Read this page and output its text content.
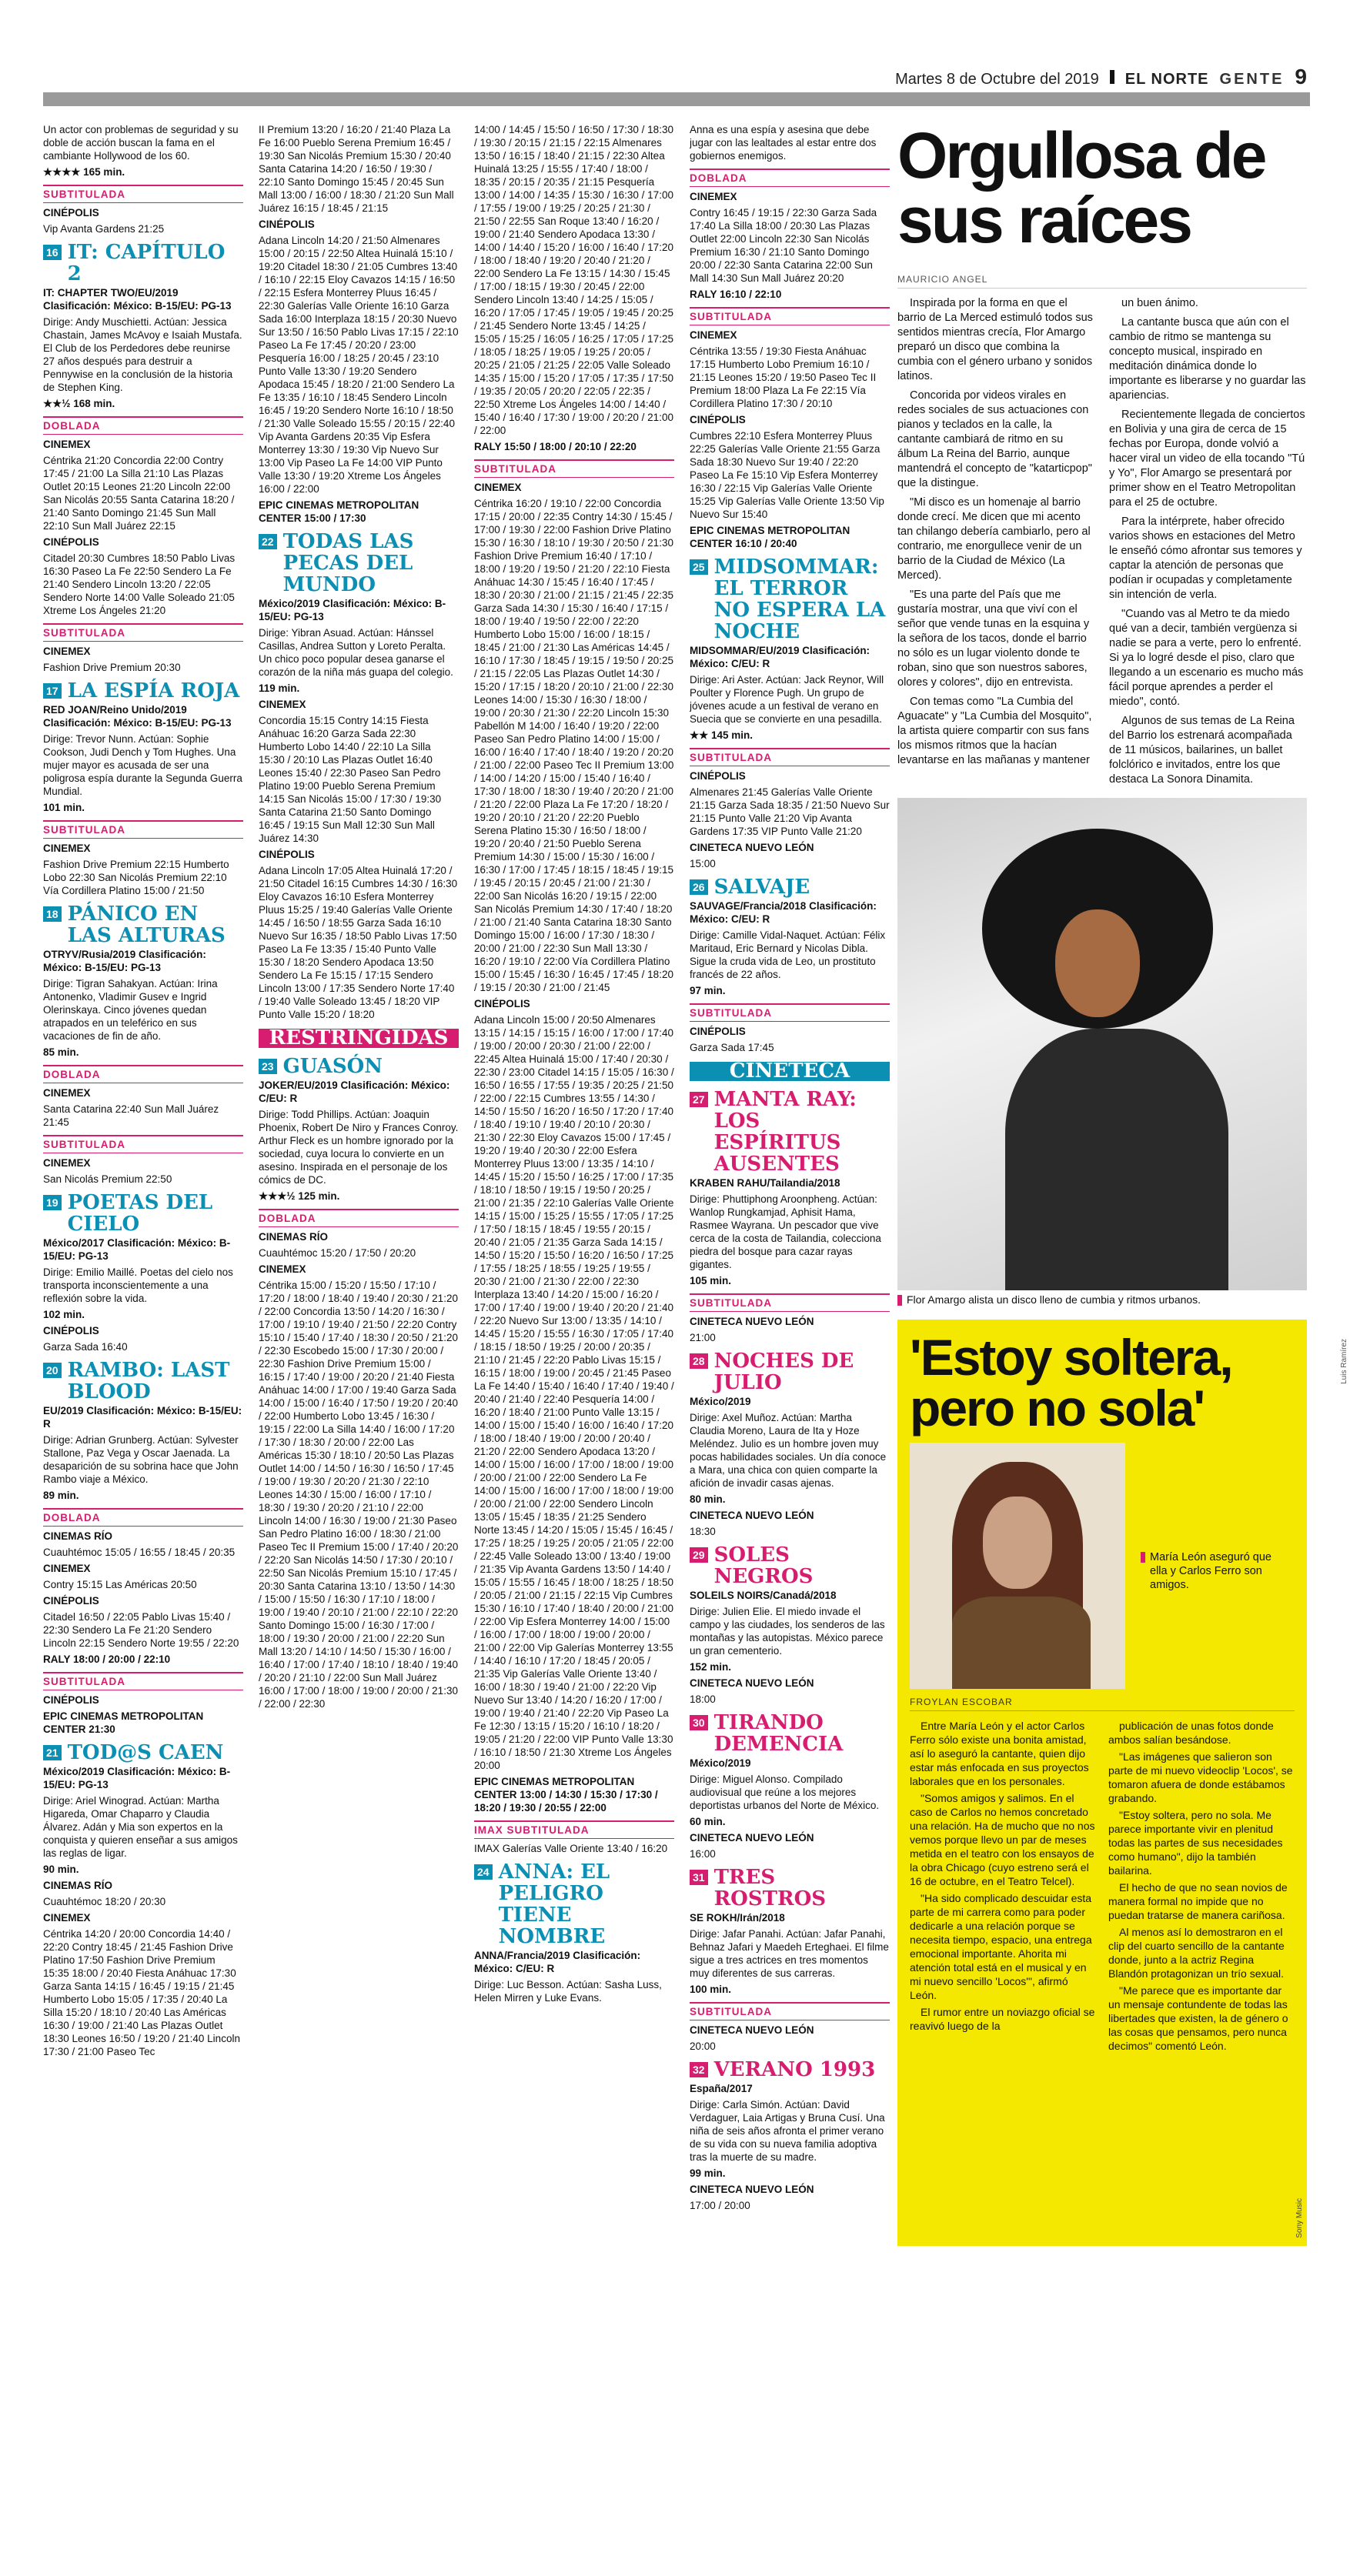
Martes 8 de Octubre del 2019 EL NORTE GENTE 9

Un actor con problemas de seguridad y su doble de acción buscan la fama en el cambiante Hollywood de los 60.

★★★★ 165 min.

SUBTITULADA

CINÉPOLIS

Vip Avanta Gardens 21:25

16 IT: CAPÍTULO 2

IT: CHAPTER TWO/EU/2019 Clasificación: México: B-15/EU: PG-13

Dirige: Andy Muschietti. Actúan: Jessica Chastain, James McAvoy e Isaiah Mustafa. El Club de los Perdedores debe reunirse 27 años después para destruir a Pennywise en la conclusión de la historia de Stephen King.

★★½ 168 min.

DOBLADA

CINEMEX

Céntrika 21:20 Concordia 22:00 Contry 17:45 / 21:00 La Silla 21:10 Las Plazas Outlet 20:15 Leones 21:20 Lincoln 22:00 San Nicolás 20:55 Santa Catarina 18:20 / 21:40 Santo Domingo 21:45 Sun Mall 22:10 Sun Mall Juárez 22:15

CINÉPOLIS

Citadel 20:30 Cumbres 18:50 Pablo Livas 16:30 Paseo La Fe 22:50 Sendero La Fe 21:40 Sendero Lincoln 13:20 / 22:05 Sendero Norte 14:00 Valle Soleado 21:05 Xtreme Los Ángeles 21:20

SUBTITULADA

CINEMEX

Fashion Drive Premium 20:30

17 LA ESPÍA ROJA

RED JOAN/Reino Unido/2019 Clasificación: México: B-15/EU: PG-13

Dirige: Trevor Nunn. Actúan: Sophie Cookson, Judi Dench y Tom Hughes. Una mujer mayor es acusada de ser una poligrosa espía durante la Segunda Guerra Mundial.

101 min.

SUBTITULADA

CINEMEX

Fashion Drive Premium 22:15 Humberto Lobo 22:30 San Nicolás Premium 22:10 Vía Cordillera Platino 15:00 / 21:50

18 PÁNICO EN LAS ALTURAS

OTRYV/Rusia/2019 Clasificación: México: B-15/EU: PG-13

Dirige: Tigran Sahakyan. Actúan: Irina Antonenko, Vladimir Gusev e Ingrid Olerinskaya. Cinco jóvenes quedan atrapados en un teleférico en sus vacaciones de fin de año.

85 min.

DOBLADA

CINEMEX

Santa Catarina 22:40 Sun Mall Juárez 21:45

SUBTITULADA

CINEMEX

San Nicolás Premium 22:50

19 POETAS DEL CIELO

México/2017 Clasificación: México: B-15/EU: PG-13

Dirige: Emilio Maillé. Poetas del cielo nos transporta inconscientemente a una reflexión sobre la vida.

102 min.

CINÉPOLIS

Garza Sada 16:40

20 RAMBO: LAST BLOOD

EU/2019 Clasificación: México: B-15/EU: R

Dirige: Adrian Grunberg. Actúan: Sylvester Stallone, Paz Vega y Oscar Jaenada. La desaparición de su sobrina hace que John Rambo viaje a México.

89 min.

DOBLADA

CINEMAS RÍO

Cuauhtémoc 15:05 / 16:55 / 18:45 / 20:35

CINEMEX

Contry 15:15 Las Américas 20:50

CINÉPOLIS

Citadel 16:50 / 22:05 Pablo Livas 15:40 / 22:30 Sendero La Fe 21:20 Sendero Lincoln 22:15 Sendero Norte 19:55 / 22:20

RALY 18:00 / 20:00 / 22:10

SUBTITULADA

CINÉPOLIS

EPIC CINEMAS METROPOLITAN CENTER 21:30

21 TOD@S CAEN

México/2019 Clasificación: México: B-15/EU: PG-13

Dirige: Ariel Winograd. Actúan: Martha Higareda, Omar Chaparro y Claudia Álvarez. Adán y Mia son expertos en la conquista y quieren enseñar a sus amigos las reglas de ligar.

90 min.

CINEMAS RÍO

Cuauhtémoc 18:20 / 20:30

CINEMEX

Céntrika 14:20 / 20:00 Concordia 14:40 / 22:20 Contry 18:45 / 21:45 Fashion Drive Platino 17:50 Fashion Drive Premium 15:35 18:00 / 20:40 Fiesta Anáhuac 17:30 Garza Santa 14:15 / 16:45 / 19:15 / 21:45 Humberto Lobo 15:05 / 17:35 / 20:40 La Silla 15:20 / 18:10 / 20:40 Las Américas 16:30 / 19:00 / 21:40 Las Plazas Outlet 18:30 Leones 16:50 / 19:20 / 21:40 Lincoln 17:30 / 21:00 Paseo Tec

II Premium 13:20 / 16:20 / 21:40 Plaza La Fe 16:00 Pueblo Serena Premium 16:45 / 19:30 San Nicolás Premium 15:30 / 20:40 Santa Catarina 14:20 / 16:50 / 19:30 / 22:10 Santo Domingo 15:45 / 20:45 Sun Mall 13:00 / 16:00 / 18:30 / 21:20 Sun Mall Juárez 16:15 / 18:45 / 21:15

CINÉPOLIS

Adana Lincoln 14:20 / 21:50 Almenares 15:00 / 20:15 / 22:50 Altea Huinalá 15:10 / 19:20 Citadel 18:30 / 21:05 Cumbres 13:40 / 16:10 / 22:15 Eloy Cavazos 14:15 / 16:50 / 22:15 Esfera Monterrey Pluus 16:45 / 22:30 Galerías Valle Oriente 16:10 Garza Sada 16:00 Interplaza 18:15 / 20:30 Nuevo Sur 13:50 / 16:50 Pablo Livas 17:15 / 22:10 Paseo La Fe 17:45 / 20:20 / 23:00 Pesquería 16:00 / 18:25 / 20:45 / 23:10 Punto Valle 13:30 / 19:20 Sendero Apodaca 15:45 / 18:20 / 21:00 Sendero La Fe 13:35 / 16:10 / 18:45 Sendero Lincoln 16:45 / 19:20 Sendero Norte 16:10 / 18:50 / 21:30 Valle Soleado 15:55 / 20:15 / 22:40 Vip Avanta Gardens 20:35 Vip Esfera Monterrey 13:30 / 19:30 Vip Nuevo Sur 13:00 Vip Paseo La Fe 14:00 VIP Punto Valle 13:30 / 19:20 Xtreme Los Ángeles 16:00 / 22:00

EPIC CINEMAS METROPOLITAN CENTER 15:00 / 17:30

22 TODAS LAS PECAS DEL MUNDO

México/2019 Clasificación: México: B-15/EU: PG-13

Dirige: Yibran Asuad. Actúan: Hánssel Casillas, Andrea Sutton y Loreto Peralta. Un chico poco popular desea ganarse el corazón de la niña más guapa del colegio.

119 min.

CINEMEX

Concordia 15:15 Contry 14:15 Fiesta Anáhuac 16:20 Garza Sada 22:30 Humberto Lobo 14:40 / 22:10 La Silla 15:30 / 20:10 Las Plazas Outlet 16:40 Leones 15:40 / 22:30 Paseo San Pedro Platino 19:00 Pueblo Serena Premium 14:15 San Nicolás 15:00 / 17:30 / 19:30 Santa Catarina 21:50 Santo Domingo 16:45 / 19:15 Sun Mall 12:30 Sun Mall Juárez 14:30

CINÉPOLIS

Adana Lincoln 17:05 Altea Huinalá 17:20 / 21:50 Citadel 16:15 Cumbres 14:30 / 16:30 Eloy Cavazos 16:10 Esfera Monterrey Pluus 15:25 / 19:40 Galerías Valle Oriente 14:45 / 16:50 / 18:55 Garza Sada 16:10 Nuevo Sur 16:35 / 18:50 Pablo Livas 17:50 Paseo La Fe 13:35 / 15:40 Punto Valle 15:30 / 18:20 Sendero Apodaca 13:50 Sendero La Fe 15:15 / 17:15 Sendero Lincoln 13:00 / 17:35 Sendero Norte 17:40 / 19:40 Valle Soleado 13:45 / 18:20 VIP Punto Valle 15:20 / 18:20

RESTRINGIDAS
23 GUASÓN

JOKER/EU/2019 Clasificación: México: C/EU: R

Dirige: Todd Phillips. Actúan: Joaquin Phoenix, Robert De Niro y Frances Conroy. Arthur Fleck es un hombre ignorado por la sociedad, cuya locura lo convierte en un asesino. Inspirada en el personaje de los cómics de DC.

★★★½ 125 min.

DOBLADA

CINEMAS RÍO

Cuauhtémoc 15:20 / 17:50 / 20:20

CINEMEX

Céntrika 15:00 / 15:20 / 15:50 / 17:10 / 17:20 / 18:00 / 18:40 / 19:40 / 20:30 / 21:20 / 22:00 Concordia 13:50 / 14:20 / 16:30 / 17:00 / 19:10 / 19:40 / 21:50 / 22:20 Contry 15:10 / 15:40 / 17:40 / 18:30 / 20:50 / 21:20 / 22:30 Escobedo 15:00 / 17:30 / 20:00 / 22:30 Fashion Drive Premium 15:00 / 16:15 / 17:40 / 19:00 / 20:20 / 21:40 Fiesta Anáhuac 14:00 / 17:00 / 19:40 Garza Sada 14:00 / 15:00 / 16:40 / 17:50 / 19:20 / 20:40 / 22:00 Humberto Lobo 13:45 / 16:30 / 19:15 / 22:00 La Silla 14:40 / 16:00 / 17:20 / 17:30 / 18:30 / 20:00 / 22:00 Las Américas 15:30 / 18:10 / 20:50 Las Plazas Outlet 14:00 / 14:50 / 16:30 / 16:50 / 17:45 / 19:00 / 19:30 / 20:20 / 21:30 / 22:10 Leones 14:30 / 15:00 / 16:00 / 17:10 / 18:30 / 19:30 / 20:20 / 21:10 / 22:00 Lincoln 14:00 / 16:30 / 19:00 / 21:30 Paseo San Pedro Platino 16:00 / 18:30 / 21:00 Paseo Tec II Premium 15:00 / 17:40 / 20:20 / 22:20 San Nicolás 14:50 / 17:30 / 20:10 / 22:50 San Nicolás Premium 15:10 / 17:45 / 20:30 Santa Catarina 13:10 / 13:50 / 14:30 / 15:00 / 15:50 / 16:30 / 17:10 / 18:00 / 19:00 / 19:40 / 20:10 / 21:00 / 22:10 / 22:20 Santo Domingo 15:00 / 16:30 / 17:00 / 18:00 / 19:30 / 20:00 / 21:00 / 22:20 Sun Mall 13:20 / 14:10 / 14:50 / 15:30 / 16:00 / 16:40 / 17:00 / 17:40 / 18:10 / 18:40 / 19:40 / 20:20 / 21:10 / 22:00 Sun Mall Juárez 16:00 / 17:00 / 18:00 / 19:00 / 20:00 / 21:30 / 22:00 / 22:30

14:00 / 14:45 / 15:50 / 16:50 / 17:30 / 18:30 / 19:30 / 20:15 / 21:15 / 22:15 Almenares 13:50 / 16:15 / 18:40 / 21:15 / 22:30 Altea Huinalá 13:25 / 15:55 / 17:40 / 18:00 / 18:35 / 20:15 / 20:35 / 21:15 Pesquería 13:00 / 14:00 / 14:35 / 15:30 / 16:30 / 17:00 / 17:55 / 19:00 / 19:25 / 20:25 / 21:30 / 21:50 / 22:55 San Roque 13:40 / 16:20 / 19:00 / 21:40 Sendero Apodaca 13:30 / 14:00 / 14:40 / 15:20 / 16:00 / 16:40 / 17:20 / 18:00 / 18:40 / 19:20 / 20:40 / 21:20 / 22:00 Sendero La Fe 13:15 / 14:30 / 15:45 / 17:00 / 18:15 / 19:30 / 20:45 / 22:00 Sendero Lincoln 13:40 / 14:25 / 15:05 / 16:20 / 17:05 / 17:45 / 19:05 / 19:45 / 20:25 / 21:45 Sendero Norte 13:45 / 14:25 / 15:05 / 15:25 / 16:05 / 16:25 / 17:05 / 17:25 / 18:05 / 18:25 / 19:05 / 19:25 / 20:05 / 20:25 / 21:05 / 21:25 / 22:05 Valle Soleado 14:35 / 15:00 / 15:20 / 17:05 / 17:35 / 17:50 / 19:35 / 20:05 / 20:20 / 22:05 / 22:35 / 22:50 Xtreme Los Ángeles 14:00 / 14:40 / 15:40 / 16:40 / 17:30 / 19:00 / 20:20 / 21:00 / 22:00

RALY 15:50 / 18:00 / 20:10 / 22:20

SUBTITULADA

CINEMEX

Céntrika 16:20 / 19:10 / 22:00 Concordia 17:15 / 20:00 / 22:35 Contry 14:30 / 15:45 / 17:00 / 19:30 / 22:00 Fashion Drive Platino 15:30 / 16:30 / 18:10 / 19:30 / 20:50 / 21:30 Fashion Drive Premium 16:40 / 17:10 / 18:00 / 19:20 / 19:50 / 21:20 / 22:10 Fiesta Anáhuac 14:30 / 15:45 / 16:40 / 17:45 / 18:30 / 20:30 / 21:00 / 21:15 / 21:45 / 22:35 Garza Sada 14:30 / 15:30 / 16:40 / 17:15 / 18:00 / 19:40 / 19:50 / 22:00 / 22:20 Humberto Lobo 15:00 / 16:00 / 18:15 / 18:45 / 21:00 / 21:30 Las Américas 14:45 / 16:10 / 17:30 / 18:45 / 19:15 / 19:50 / 20:25 / 21:15 / 22:05 Las Plazas Outlet 14:30 / 15:20 / 17:15 / 18:20 / 20:10 / 21:00 / 22:30 Leones 14:00 / 15:30 / 16:30 / 18:00 / 19:00 / 20:30 / 21:30 / 22:20 Lincoln 15:30 Pabellón M 14:00 / 16:40 / 19:20 / 22:00 Paseo San Pedro Platino 14:00 / 15:00 / 16:00 / 16:40 / 17:40 / 18:40 / 19:20 / 20:20 / 21:00 / 22:00 Paseo Tec II Premium 13:00 / 14:00 / 14:20 / 15:00 / 15:40 / 16:40 / 17:30 / 18:00 / 18:30 / 19:40 / 20:20 / 21:00 / 21:20 / 22:00 Plaza La Fe 17:20 / 18:20 / 19:20 / 20:10 / 21:20 / 22:20 Pueblo Serena Platino 15:30 / 16:50 / 18:00 / 19:20 / 20:40 / 21:50 Pueblo Serena Premium 14:30 / 15:00 / 15:30 / 16:00 / 16:30 / 17:00 / 17:45 / 18:15 / 18:45 / 19:15 / 19:45 / 20:15 / 20:45 / 21:00 / 21:30 / 22:00 San Nicolás 16:20 / 19:15 / 22:00 San Nicolás Premium 14:30 / 17:40 / 18:20 / 21:00 / 21:40 Santa Catarina 18:30 Santo Domingo 15:00 / 16:00 / 17:30 / 18:30 / 20:00 / 21:00 / 22:30 Sun Mall 13:30 / 16:20 / 19:10 / 22:00 Vía Cordillera Platino 15:00 / 15:45 / 16:30 / 16:45 / 17:45 / 18:20 / 19:15 / 20:30 / 21:00 / 21:45

CINÉPOLIS

Adana Lincoln 15:00 / 20:50 Almenares 13:15 / 14:15 / 15:15 / 16:00 / 17:00 / 17:40 / 19:00 / 20:00 / 20:30 / 21:00 / 22:00 / 22:45 Altea Huinalá 15:00 / 17:40 / 20:30 / 22:30 / 23:00 Citadel 14:15 / 15:05 / 16:30 / 16:50 / 16:55 / 17:55 / 19:35 / 20:25 / 21:50 / 22:00 / 22:15 Cumbres 13:55 / 14:30 / 14:50 / 15:50 / 16:20 / 16:50 / 17:20 / 17:40 / 18:40 / 19:10 / 19:40 / 20:10 / 20:30 / 21:30 / 22:30 Eloy Cavazos 15:00 / 17:45 / 19:20 / 19:40 / 20:30 / 22:00 Esfera Monterrey Pluus 13:00 / 13:35 / 14:10 / 14:45 / 15:20 / 15:50 / 16:25 / 17:00 / 17:35 / 18:10 / 18:50 / 19:15 / 19:50 / 20:25 / 21:00 / 21:35 / 22:10 Galerías Valle Oriente 14:15 / 15:00 / 15:25 / 15:55 / 17:05 / 17:25 / 17:50 / 18:15 / 18:45 / 19:55 / 20:15 / 20:40 / 21:05 / 21:35 Garza Sada 14:15 / 14:50 / 15:20 / 15:50 / 16:20 / 16:50 / 17:25 / 17:55 / 18:25 / 18:55 / 19:25 / 19:55 / 20:30 / 21:00 / 21:30 / 22:00 / 22:30 Interplaza 13:40 / 14:20 / 15:00 / 16:20 / 17:00 / 17:40 / 19:00 / 19:40 / 20:20 / 21:40 / 22:20 Nuevo Sur 13:00 / 13:35 / 14:10 / 14:45 / 15:20 / 15:55 / 16:30 / 17:05 / 17:40 / 18:15 / 18:50 / 19:25 / 20:00 / 20:35 / 21:10 / 21:45 / 22:20 Pablo Livas 15:15 / 16:15 / 18:00 / 19:00 / 20:45 / 21:45 Paseo La Fe 14:40 / 15:40 / 16:40 / 17:40 / 19:40 / 20:40 / 21:40 / 22:40 Pesquería 14:00 / 16:20 / 18:40 / 21:00 Punto Valle 13:15 / 14:00 / 15:00 / 15:40 / 16:00 / 16:40 / 17:20 / 18:00 / 18:40 / 19:00 / 20:00 / 20:40 / 21:20 / 22:00 Sendero Apodaca 13:20 / 14:00 / 15:00 / 16:00 / 17:00 / 18:00 / 19:00 / 20:00 / 21:00 / 22:00 Sendero La Fe 14:00 / 15:00 / 16:00 / 17:00 / 18:00 / 19:00 / 20:00 / 21:00 / 22:00 Sendero Lincoln 13:05 / 15:45 / 18:35 / 21:25 Sendero Norte 13:45 / 14:20 / 15:05 / 15:45 / 16:45 / 17:25 / 18:25 / 19:25 / 20:05 / 21:05 / 22:00 / 22:45 Valle Soleado 13:00 / 13:40 / 19:00 / 21:35 Vip Avanta Gardens 13:50 / 14:40 / 15:05 / 15:55 / 16:45 / 18:00 / 18:25 / 18:50 / 20:05 / 21:00 / 21:15 / 22:15 Vip Cumbres 15:30 / 16:10 / 17:40 / 18:40 / 20:00 / 21:00 / 22:00 Vip Esfera Monterrey 14:00 / 15:00 / 16:00 / 17:00 / 18:00 / 19:00 / 20:00 / 21:00 / 22:00 Vip Galerías Monterrey 13:55 / 14:40 / 16:10 / 17:20 / 18:45 / 20:05 / 21:35 Vip Galerías Valle Oriente 13:40 / 16:00 / 18:30 / 19:40 / 21:00 / 22:20 Vip Nuevo Sur 13:40 / 14:20 / 16:20 / 17:00 / 19:00 / 19:40 / 21:40 / 22:20 Vip Paseo La Fe 12:30 / 13:15 / 15:20 / 16:10 / 18:20 / 19:05 / 21:20 / 22:00 VIP Punto Valle 13:30 / 16:10 / 18:50 / 21:30 Xtreme Los Ángeles 20:00

EPIC CINEMAS METROPOLITAN CENTER 13:00 / 14:30 / 15:30 / 17:30 / 18:20 / 19:30 / 20:55 / 22:00

IMAX SUBTITULADA

IMAX Galerías Valle Oriente 13:40 / 16:20

24 ANNA: EL PELIGRO TIENE NOMBRE

ANNA/Francia/2019 Clasificación: México: C/EU: R

Dirige: Luc Besson. Actúan: Sasha Luss, Helen Mirren y Luke Evans.

Anna es una espía y asesina que debe jugar con las lealtades al estar entre dos gobiernos enemigos.

DOBLADA

CINEMEX

Contry 16:45 / 19:15 / 22:30 Garza Sada 17:40 La Silla 18:00 / 20:30 Las Plazas Outlet 22:00 Lincoln 22:30 San Nicolás Premium 16:30 / 21:10 Santo Domingo 20:00 / 22:30 Santa Catarina 22:00 Sun Mall 14:30 Sun Mall Juárez 20:20

RALY 16:10 / 22:10

SUBTITULADA

CINEMEX

Céntrika 13:55 / 19:30 Fiesta Anáhuac 17:15 Humberto Lobo Premium 16:10 / 21:15 Leones 15:20 / 19:50 Paseo Tec II Premium 18:00 Plaza La Fe 22:15 Vía Cordillera Platino 17:30 / 20:10

CINÉPOLIS

Cumbres 22:10 Esfera Monterrey Pluus 22:25 Galerías Valle Oriente 21:55 Garza Sada 18:30 Nuevo Sur 19:40 / 22:20 Paseo La Fe 15:10 Vip Esfera Monterrey 16:30 / 22:15 Vip Galerías Valle Oriente 15:25 Vip Galerías Valle Oriente 13:50 Vip Nuevo Sur 15:40

EPIC CINEMAS METROPOLITAN CENTER 16:10 / 20:40

25 MIDSOMMAR: EL TERROR NO ESPERA LA NOCHE

MIDSOMMAR/EU/2019 Clasificación: México: C/EU: R

Dirige: Ari Aster. Actúan: Jack Reynor, Will Poulter y Florence Pugh. Un grupo de jóvenes acude a un festival de verano en Suecia que se convierte en una pesadilla.

★★ 145 min.

SUBTITULADA

CINÉPOLIS

Almenares 21:45 Galerías Valle Oriente 21:15 Garza Sada 18:35 / 21:50 Nuevo Sur 21:15 Punto Valle 21:20 Vip Avanta Gardens 17:35 VIP Punto Valle 21:20

CINETECA NUEVO LEÓN

15:00

26 SALVAJE

SAUVAGE/Francia/2018 Clasificación: México: C/EU: R

Dirige: Camille Vidal-Naquet. Actúan: Félix Maritaud, Eric Bernard y Nicolas Dibla. Sigue la cruda vida de Leo, un prostituto francés de 22 años.

97 min.

SUBTITULADA

CINÉPOLIS

Garza Sada 17:45

CINETECA
27 MANTA RAY: LOS ESPÍRITUS AUSENTES

KRABEN RAHU/Tailandia/2018

Dirige: Phuttiphong Aroonpheng. Actúan: Wanlop Rungkamjad, Aphisit Hama, Rasmee Wayrana. Un pescador que vive cerca de la costa de Tailandia, colecciona piedra del bosque para cazar rayas gigantes.

105 min.

SUBTITULADA

CINETECA NUEVO LEÓN

21:00

28 NOCHES DE JULIO

México/2019

Dirige: Axel Muñoz. Actúan: Martha Claudia Moreno, Laura de Ita y Hoze Meléndez. Julio es un hombre joven muy pocas habilidades sociales. Un día conoce a Mara, una chica con quien comparte la afición de invadir casas ajenas.

80 min.

CINETECA NUEVO LEÓN

18:30

29 SOLES NEGROS

SOLEILS NOIRS/Canadá/2018

Dirige: Julien Elie. El miedo invade el campo y las ciudades, los senderos de las montañas y las autopistas. México parece un gran cementerio.

152 min.

CINETECA NUEVO LEÓN

18:00

30 TIRANDO DEMENCIA

México/2019

Dirige: Miguel Alonso. Compilado audiovisual que reúne a los mejores deportistas urbanos del Norte de México.

60 min.

CINETECA NUEVO LEÓN

16:00

31 TRES ROSTROS

SE ROKH/Irán/2018

Dirige: Jafar Panahi. Actúan: Jafar Panahi, Behnaz Jafari y Maedeh Erteghaei. El filme sigue a tres actrices en tres momentos muy diferentes de sus carreras.

100 min.

SUBTITULADA

CINETECA NUEVO LEÓN

20:00

32 VERANO 1993

España/2017

Dirige: Carla Simón. Actúan: David Verdaguer, Laia Artigas y Bruna Cusí. Una niña de seis años afronta el primer verano de su vida con su nueva familia adoptiva tras la muerte de su madre.

99 min.

CINETECA NUEVO LEÓN

17:00 / 20:00

Orgullosa de sus raíces
MAURICIO ANGEL

Inspirada por la forma en que el barrio de La Merced estimuló todos sus sentidos mientras crecía, Flor Amargo preparó un disco que combina la cumbia con el género urbano y sonidos latinos.

Concorida por videos virales en redes sociales de sus actuaciones con pianos y teclados en la calle, la cantante cambiará de ritmo en su álbum La Reina del Barrio, aunque mantendrá el concepto de "katarticpop" que la distingue.

"Mi disco es un homenaje al barrio donde crecí. Me dicen que mi acento tan chilango debería cambiarlo, pero al contrario, me enorgullece venir de un barrio de la Ciudad de México (La Merced).

"Es una parte del País que me gustaría mostrar, una que viví con el señor que vende tunas en la esquina y la señora de los tacos, donde el barrio no sólo es un lugar violento donde te roban, sino que son nuestros sabores, olores y colores", dijo en entrevista.

Con temas como "La Cumbia del Aguacate" y "La Cumbia del Mosquito", la artista quiere compartir con sus fans los mismos ritmos que la hacían levantarse en las mañanas y mantener

un buen ánimo.

La cantante busca que aún con el cambio de ritmo se mantenga su concepto musical, inspirado en meditación dinámica donde lo importante es liberarse y no guardar las apariencias.

Recientemente llegada de conciertos en Bolivia y una gira de cerca de 15 fechas por Europa, donde volvió a hacer viral un video de ella tocando "Tú y Yo", Flor Amargo se presentará por primer show en el Teatro Metropolitan para el 25 de octubre.

Para la intérprete, haber ofrecido varios shows en estaciones del Metro le enseñó cómo afrontar sus temores y captar la atención de personas que podían ir ocupadas y completamente sin intención de verla.

"Cuando vas al Metro te da miedo qué van a decir, también vergüenza si nadie se para a verte, pero lo enfrenté. Si ya lo logré desde el piso, claro que llegando a un escenario es mucho más fácil porque aprendes a perder el miedo", contó.

Algunos de sus temas de La Reina del Barrio los estrenará acompañada de 11 músicos, bailarines, un ballet folclórico e invitados, entre los que destaca La Sonora Dinamita.

Flor Amargo alista un disco lleno de cumbia y ritmos urbanos.
'Estoy soltera, pero no sola'
María León aseguró que ella y Carlos Ferro son amigos.
FROYLAN ESCOBAR

Entre María León y el actor Carlos Ferro sólo existe una bonita amistad, así lo aseguró la cantante, quien dijo estar más enfocada en sus proyectos laborales que en los personales.

"Somos amigos y salimos. En el caso de Carlos no hemos concretado una relación. Ha de mucho que no nos vemos porque llevo un par de meses metida en el teatro con los ensayos de la obra Chicago (cuyo estreno será el 16 de octubre, en el Teatro Telcel).

"Ha sido complicado descuidar esta parte de mi carrera como para poder dedicarle a una relación porque se necesita tiempo, espacio, una entrega emocional importante. Ahorita mi atención total está en el musical y en mi nuevo sencillo 'Locos'", afirmó León.

El rumor entre un noviazgo oficial se reavivó luego de la

publicación de unas fotos donde ambos salían besándose.

"Las imágenes que salieron son parte de mi nuevo videoclip 'Locos', se tomaron afuera de donde estábamos grabando.

"Estoy soltera, pero no sola. Me parece importante vivir en plenitud todas las partes de sus necesidades como humano", dijo la también bailarina.

El hecho de que no sean novios de manera formal no impide que no puedan tratarse de manera cariñosa.

Al menos así lo demostraron en el clip del cuarto sencillo de la cantante donde, junto a la actriz Regina Blandón protagonizan un trío sexual.

"Me parece que es importante dar un mensaje contundente de todas las libertades que existen, la de género o las cosas que pensamos, pero nunca decimos" comentó León.

Sony Music
Luis Ramírez
